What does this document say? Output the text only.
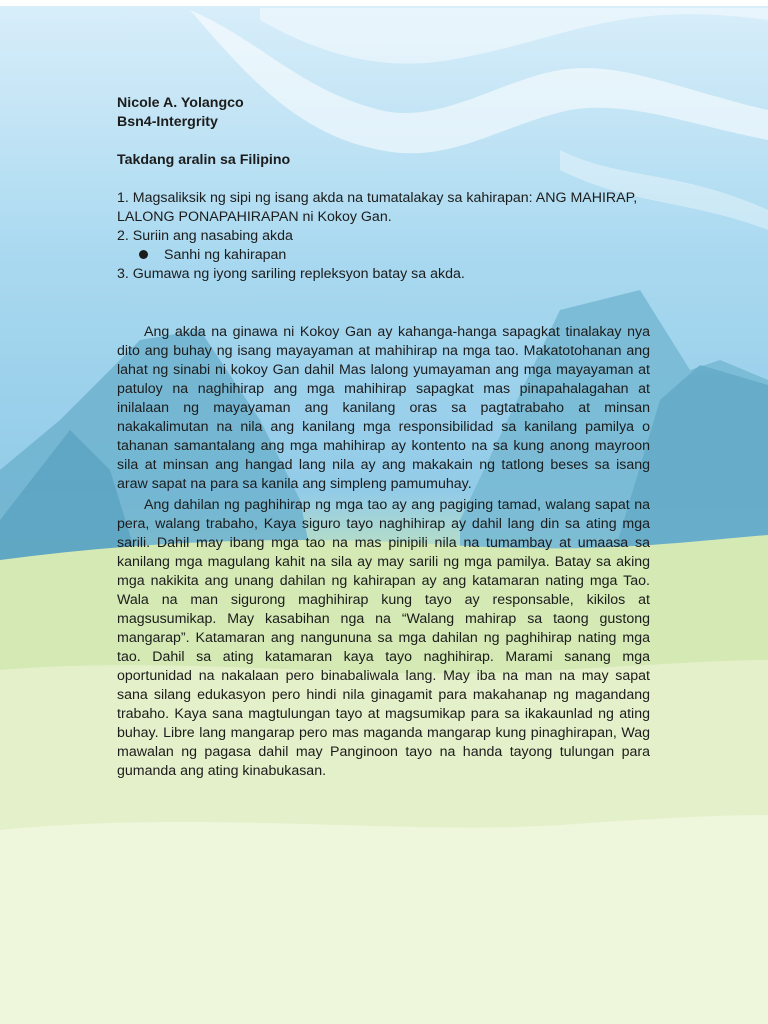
Nicole A. Yolangco
Bsn4-Intergrity
Takdang aralin sa Filipino
1. Magsaliksik ng sipi ng isang akda na tumatalakay sa kahirapan: ANG MAHIRAP, LALONG PONAPAHIRAPAN ni Kokoy Gan.
2. Suriin ang nasabing akda
Sanhi ng kahirapan
3. Gumawa ng iyong sariling repleksyon batay sa akda.

Ang akda na ginawa ni Kokoy Gan ay kahanga-hanga sapagkat tinalakay nya dito ang buhay ng isang mayayaman at mahihirap na mga tao. Makatotohanan ang lahat ng sinabi ni kokoy Gan dahil Mas lalong yumayaman ang mga mayayaman at patuloy na naghihirap ang mga mahihirap sapagkat mas pinapahalagahan at inilalaan ng mayayaman ang kanilang oras sa pagtatrabaho at minsan nakakalimutan na nila ang kanilang mga responsibilidad sa kanilang pamilya o tahanan samantalang ang mga mahihirap ay kontento na sa kung anong mayroon sila at minsan ang hangad lang nila ay ang makakain ng tatlong beses sa isang araw sapat na para sa kanila ang simpleng pamumuhay.

Ang dahilan ng paghihirap ng mga tao ay ang pagiging tamad, walang sapat na pera, walang trabaho, Kaya siguro tayo naghihirap ay dahil lang din sa ating mga sarili. Dahil may ibang mga tao na mas pinipili nila na tumambay at umaasa sa kanilang mga magulang kahit na sila ay may sarili ng mga pamilya. Batay sa aking mga nakikita ang unang dahilan ng kahirapan ay ang katamaran nating mga Tao. Wala na man sigurong maghihirap kung tayo ay responsable, kikilos at magsusumikap. May kasabihan nga na “Walang mahirap sa taong gustong mangarap”. Katamaran ang nangununa sa mga dahilan ng paghihirap nating mga tao. Dahil sa ating katamaran kaya tayo naghihirap. Marami sanang mga oportunidad na nakalaan pero binabaliwala lang. May iba na man na may sapat sana silang edukasyon pero hindi nila ginagamit para makahanap ng magandang trabaho. Kaya sana magtulungan tayo at magsumikap para sa ikakaunlad ng ating buhay. Libre lang mangarap pero mas maganda mangarap kung pinaghirapan, Wag mawalan ng pagasa dahil may Panginoon tayo na handa tayong tulungan para gumanda ang ating kinabukasan.
